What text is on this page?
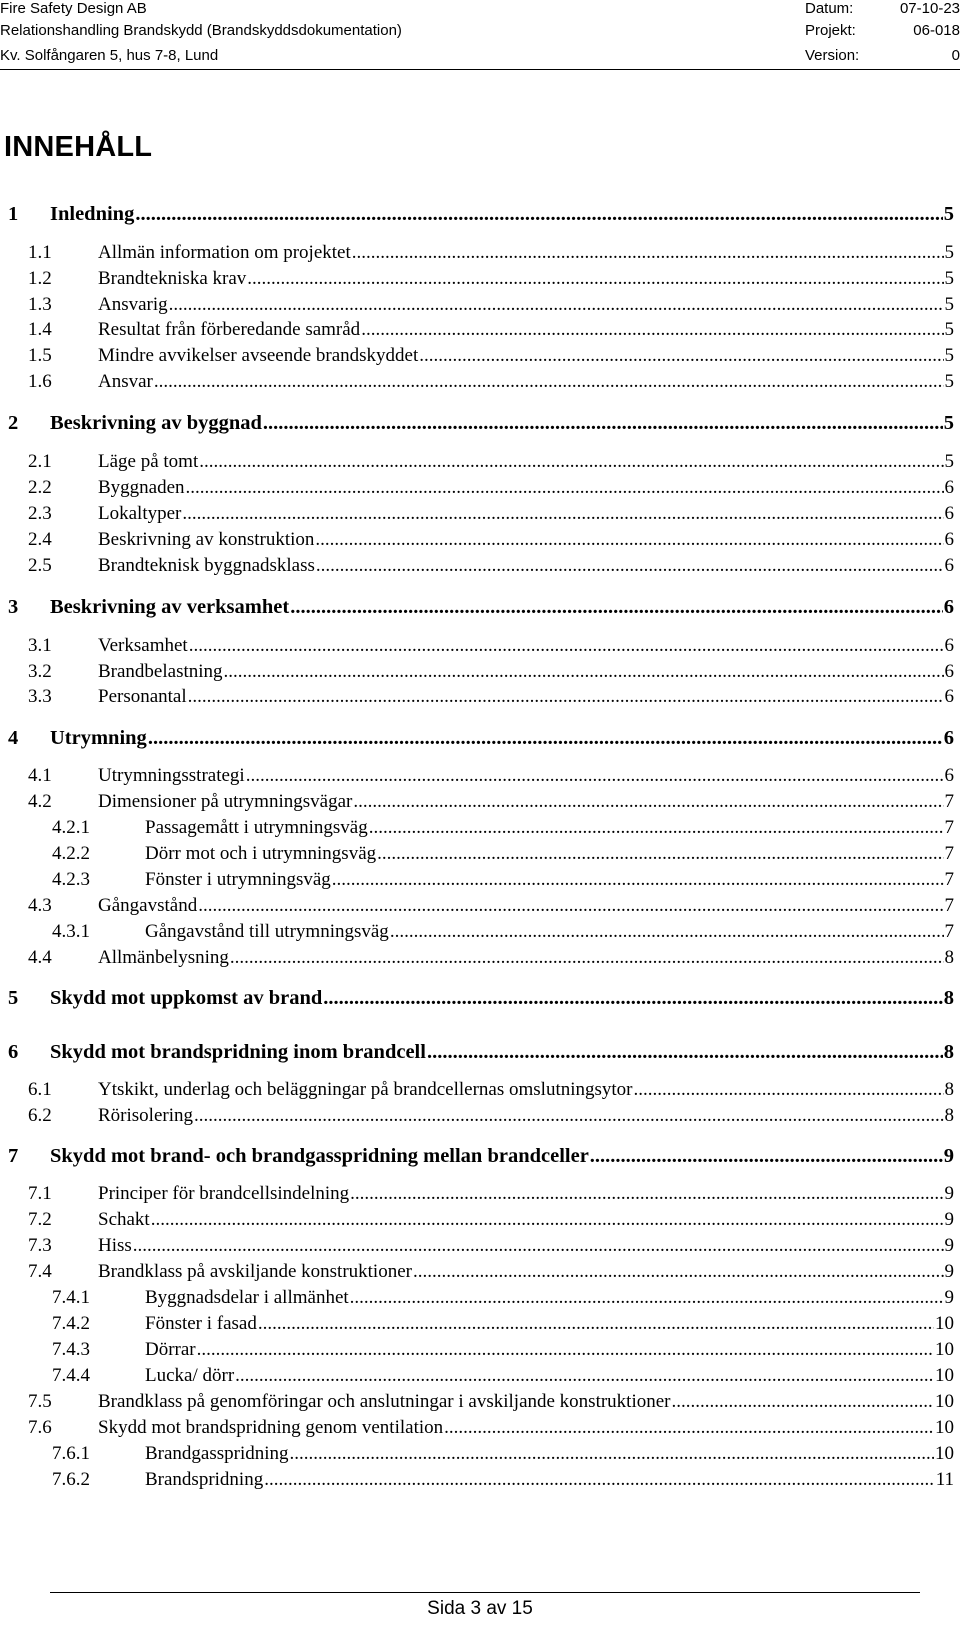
Fire Safety Design AB	Datum:	07-10-23
Relationshandling Brandskydd (Brandskyddsdokumentation)	Projekt:	06-018
Kv. Solfångaren 5, hus 7-8, Lund	Version:	0
INNEHÅLL
1	Inledning .....	5
1.1	Allmän information om projektet .....	5
1.2	Brandtekniska krav .....	5
1.3	Ansvarig .....	5
1.4	Resultat från förberedande samråd .....	5
1.5	Mindre avvikelser avseende brandskyddet .....	5
1.6	Ansvar .....	5
2	Beskrivning av byggnad .....	5
2.1	Läge på tomt .....	5
2.2	Byggnaden .....	6
2.3	Lokaltyper .....	6
2.4	Beskrivning av konstruktion .....	6
2.5	Brandteknisk byggnadsklass .....	6
3	Beskrivning av verksamhet .....	6
3.1	Verksamhet .....	6
3.2	Brandbelastning .....	6
3.3	Personantal .....	6
4	Utrymning .....	6
4.1	Utrymningsstrategi .....	6
4.2	Dimensioner på utrymningsvägar .....	7
4.2.1	Passagemått i utrymningsväg .....	7
4.2.2	Dörr mot och i utrymningsväg .....	7
4.2.3	Fönster i utrymningsväg .....	7
4.3	Gångavstånd .....	7
4.3.1	Gångavstånd till utrymningsväg .....	7
4.4	Allmänbelysning .....	8
5	Skydd mot uppkomst av brand .....	8
6	Skydd mot brandspridning inom brandcell .....	8
6.1	Ytskikt, underlag och beläggningar på brandcellernas omslutningsytor .....	8
6.2	Rörisolering .....	8
7	Skydd mot brand- och brandgasspridning mellan brandceller .....	9
7.1	Principer för brandcellsindelning .....	9
7.2	Schakt .....	9
7.3	Hiss .....	9
7.4	Brandklass på avskiljande konstruktioner .....	9
7.4.1	Byggnadsdelar i allmänhet .....	9
7.4.2	Fönster i fasad .....	10
7.4.3	Dörrar .....	10
7.4.4	Lucka/ dörr .....	10
7.5	Brandklass på genomföringar och anslutningar i avskiljande konstruktioner .....	10
7.6	Skydd mot brandspridning genom ventilation .....	10
7.6.1	Brandgasspridning .....	10
7.6.2	Brandspridning .....	11
Sida 3 av 15
